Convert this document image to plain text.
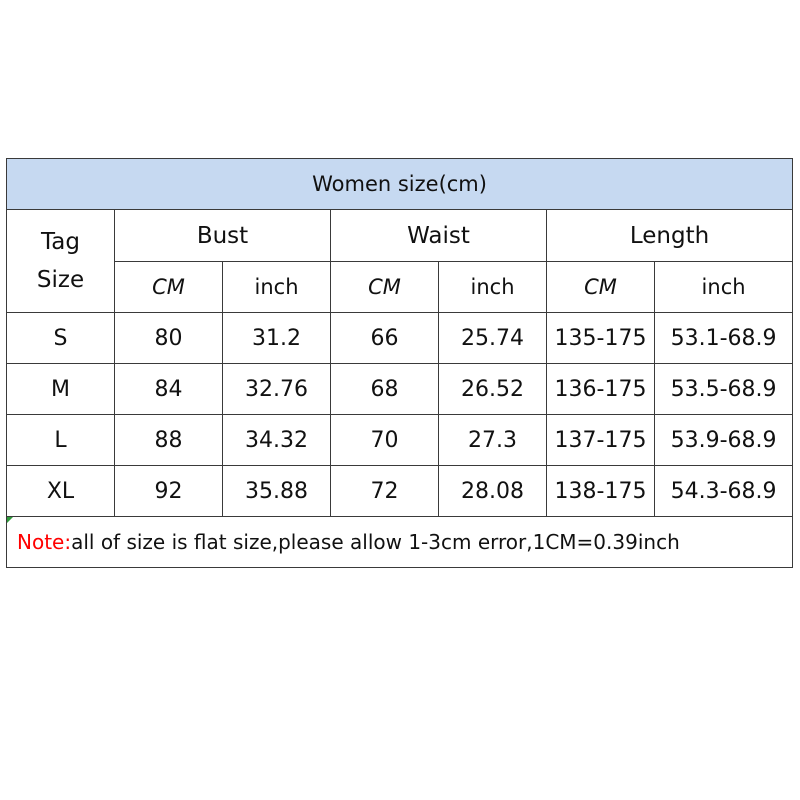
Women size(cm)						
Tag
Size	Bust		Waist		Length	
	CM	inch	CM	inch	CM	inch
S	80	31.2	66	25.74	135-175	53.1-68.9
M	84	32.76	68	26.52	136-175	53.5-68.9
L	88	34.32	70	27.3	137-175	53.9-68.9
XL	92	35.88	72	28.08	138-175	54.3-68.9

Note:all of size is flat size,please allow 1-3cm error,1CM=0.39inch						
